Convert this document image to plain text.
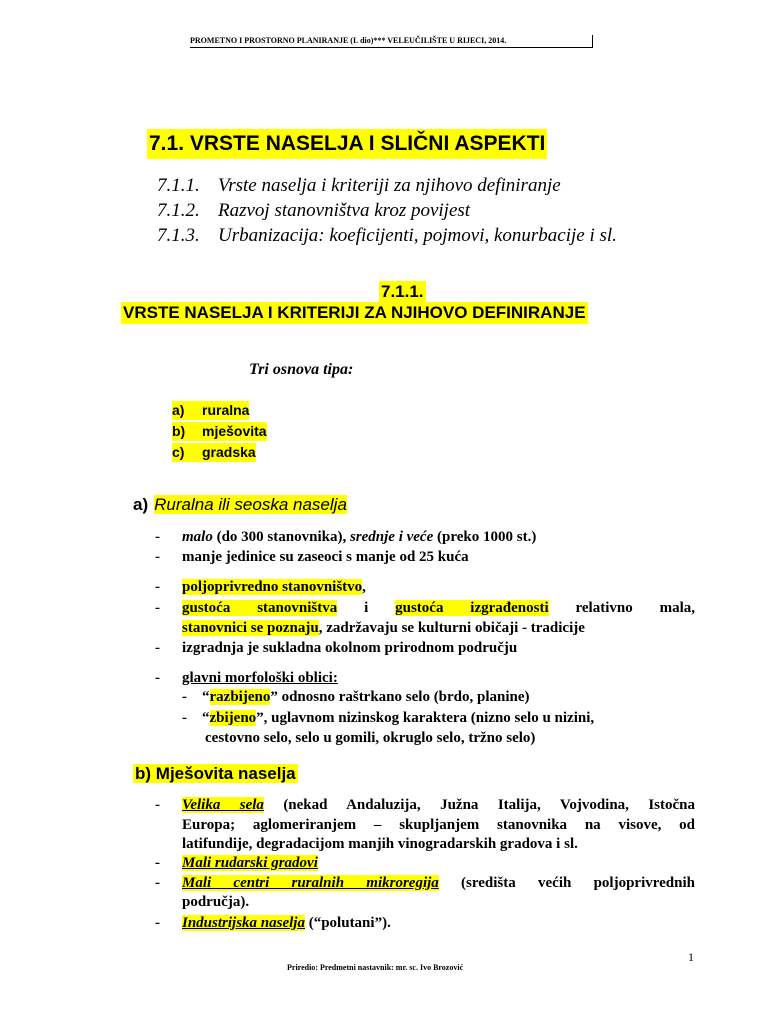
PROMETNO I PROSTORNO PLANIRANJE (I. dio)*** VELEUČILIŠTE U RIJECI, 2014.
7.1. VRSTE NASELJA I SLIČNI ASPEKTI
7.1.1. Vrste naselja i kriteriji za njihovo definiranje
7.1.2. Razvoj stanovništva kroz povijest
7.1.3. Urbanizacija: koeficijenti, pojmovi, konurbacije i sl.
7.1.1.
VRSTE NASELJA I KRITERIJI ZA NJIHOVO DEFINIRANJE
Tri osnova tipa:
a) ruralna
b) mješovita
c) gradska
a) Ruralna ili seoska naselja
- malo (do 300 stanovnika), srednje i veće (preko 1000 st.)
- manje jedinice su zaseoci s manje od 25 kuća
- poljoprivredno stanovništvo,
- gustoća stanovništva i gustoća izgrađenosti relativno mala,
stanovnici se poznaju, zadržavaju se kulturni običaji - tradicije
- izgradnja je sukladna okolnom prirodnom području
- glavni morfološki oblici:
- “razbijeno” odnosno raštrkano selo (brdo, planine)
- “zbijeno”, uglavnom nizinskog karaktera (nizno selo u nizini,
cestovno selo, selo u gomili, okruglo selo, tržno selo)
b) Mješovita naselja
- Velika sela (nekad Andaluzija, Južna Italija, Vojvodina, Istočna
Europa; aglomeriranjem – skupljanjem stanovnika na visove, od
latifundije, degradacijom manjih vinogradarskih gradova i sl.
- Mali rudarski gradovi
- Mali centri ruralnih mikroregija (središta većih poljoprivrednih
područja).
- Industrijska naselja (“polutani”).
1
Priredio: Predmetni nastavnik: mr. sc. Ivo Brozović
